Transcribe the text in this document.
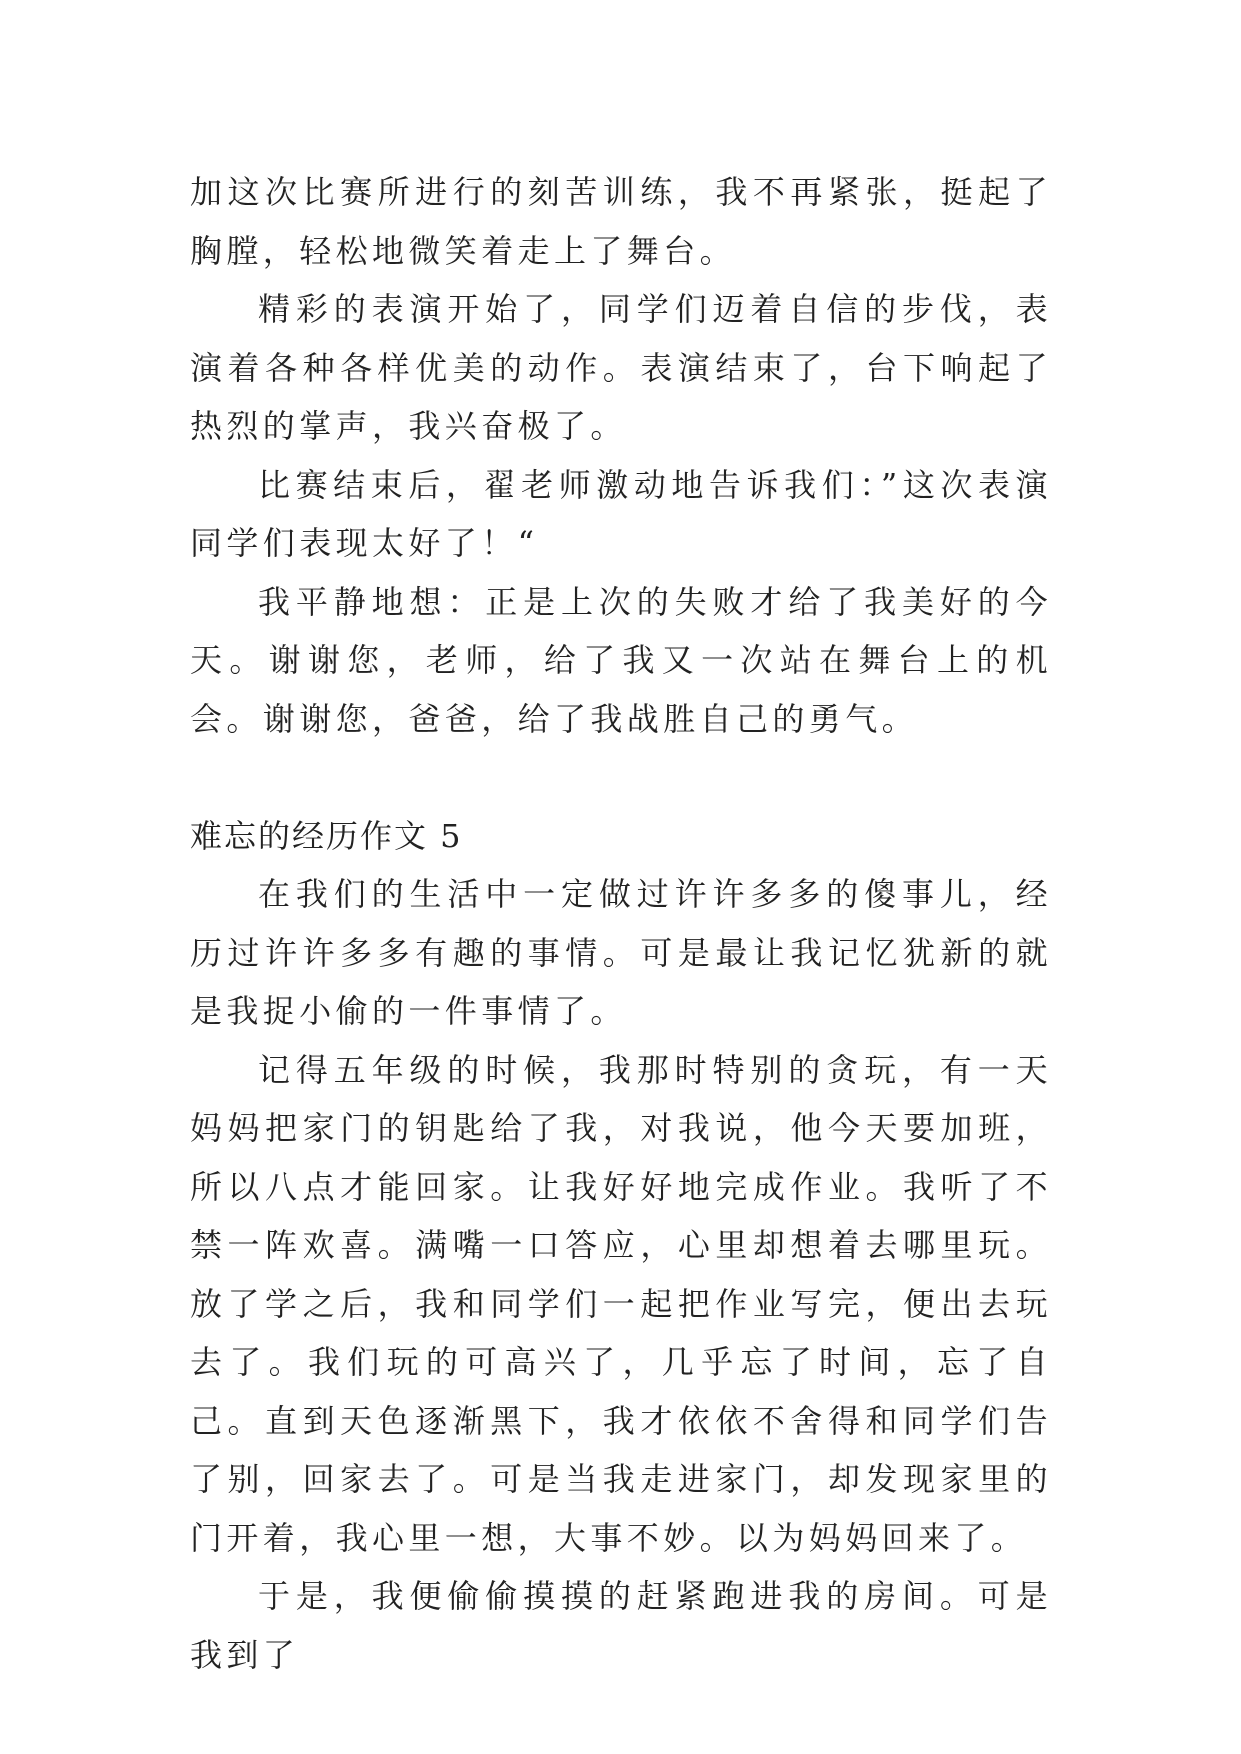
加这次比赛所进行的刻苦训练，我不再紧张，挺起了胸膛，轻松地微笑着走上了舞台。

精彩的表演开始了，同学们迈着自信的步伐，表演着各种各样优美的动作。表演结束了，台下响起了热烈的掌声，我兴奋极了。

比赛结束后，翟老师激动地告诉我们：”这次表演同学们表现太好了！“

我平静地想：正是上次的失败才给了我美好的今天。谢谢您，老师，给了我又一次站在舞台上的机会。谢谢您，爸爸，给了我战胜自己的勇气。

难忘的经历作文 5

在我们的生活中一定做过许许多多的傻事儿，经历过许许多多有趣的事情。可是最让我记忆犹新的就是我捉小偷的一件事情了。

记得五年级的时候，我那时特别的贪玩，有一天妈妈把家门的钥匙给了我，对我说，他今天要加班，所以八点才能回家。让我好好地完成作业。我听了不禁一阵欢喜。满嘴一口答应，心里却想着去哪里玩。放了学之后，我和同学们一起把作业写完，便出去玩去了。我们玩的可高兴了，几乎忘了时间，忘了自己。直到天色逐渐黑下，我才依依不舍得和同学们告了别，回家去了。可是当我走进家门，却发现家里的门开着，我心里一想，大事不妙。以为妈妈回来了。

于是，我便偷偷摸摸的赶紧跑进我的房间。可是我到了
